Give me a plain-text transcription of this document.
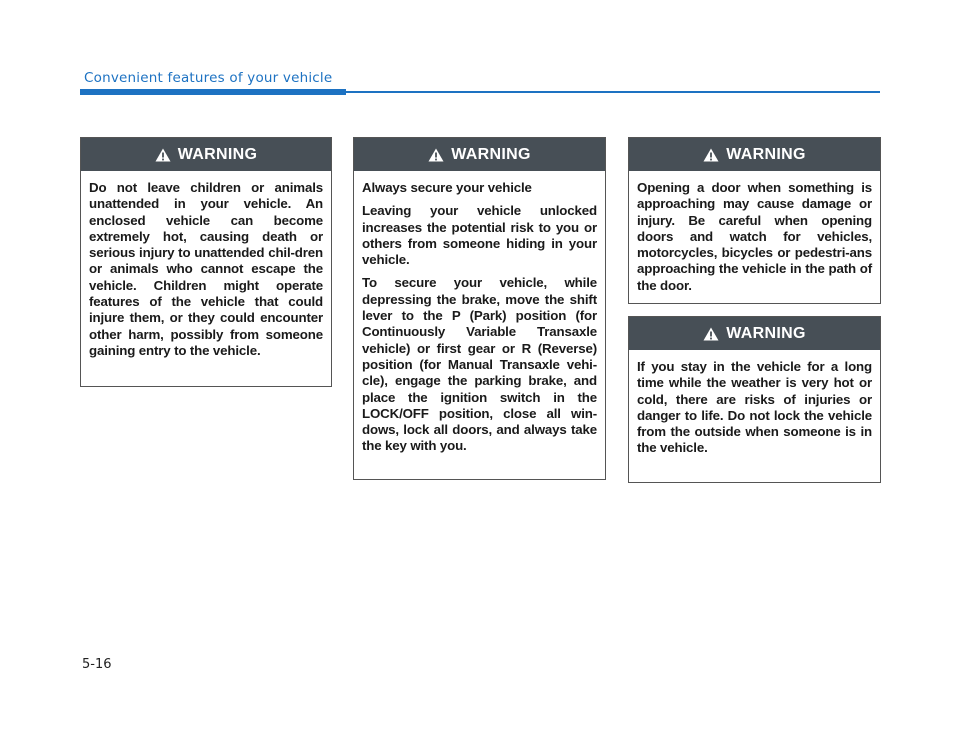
Convenient features of your vehicle
WARNING

Do not leave children or animals unattended in your vehicle. An enclosed vehicle can become extremely hot, causing death or serious injury to unattended chil-dren or animals who cannot escape the vehicle. Children might operate features of the vehicle that could injure them, or they could encounter other harm, possibly from someone gaining entry to the vehicle.

WARNING

Always secure your vehicle

Leaving your vehicle unlocked increases the potential risk to you or others from someone hiding in your vehicle.

To secure your vehicle, while depressing the brake, move the shift lever to the P (Park) position (for Continuously Variable Transaxle vehicle) or first gear or R (Reverse) position (for Manual Transaxle vehi-cle), engage the parking brake, and place the ignition switch in the LOCK/OFF position, close all win-dows, lock all doors, and always take the key with you.

WARNING

Opening a door when something is approaching may cause damage or injury. Be careful when opening doors and watch for vehicles, motorcycles, bicycles or pedestri-ans approaching the vehicle in the path of the door.

WARNING

If you stay in the vehicle for a long time while the weather is very hot or cold, there are risks of injuries or danger to life. Do not lock the vehicle from the outside when someone is in the vehicle.

5-16
